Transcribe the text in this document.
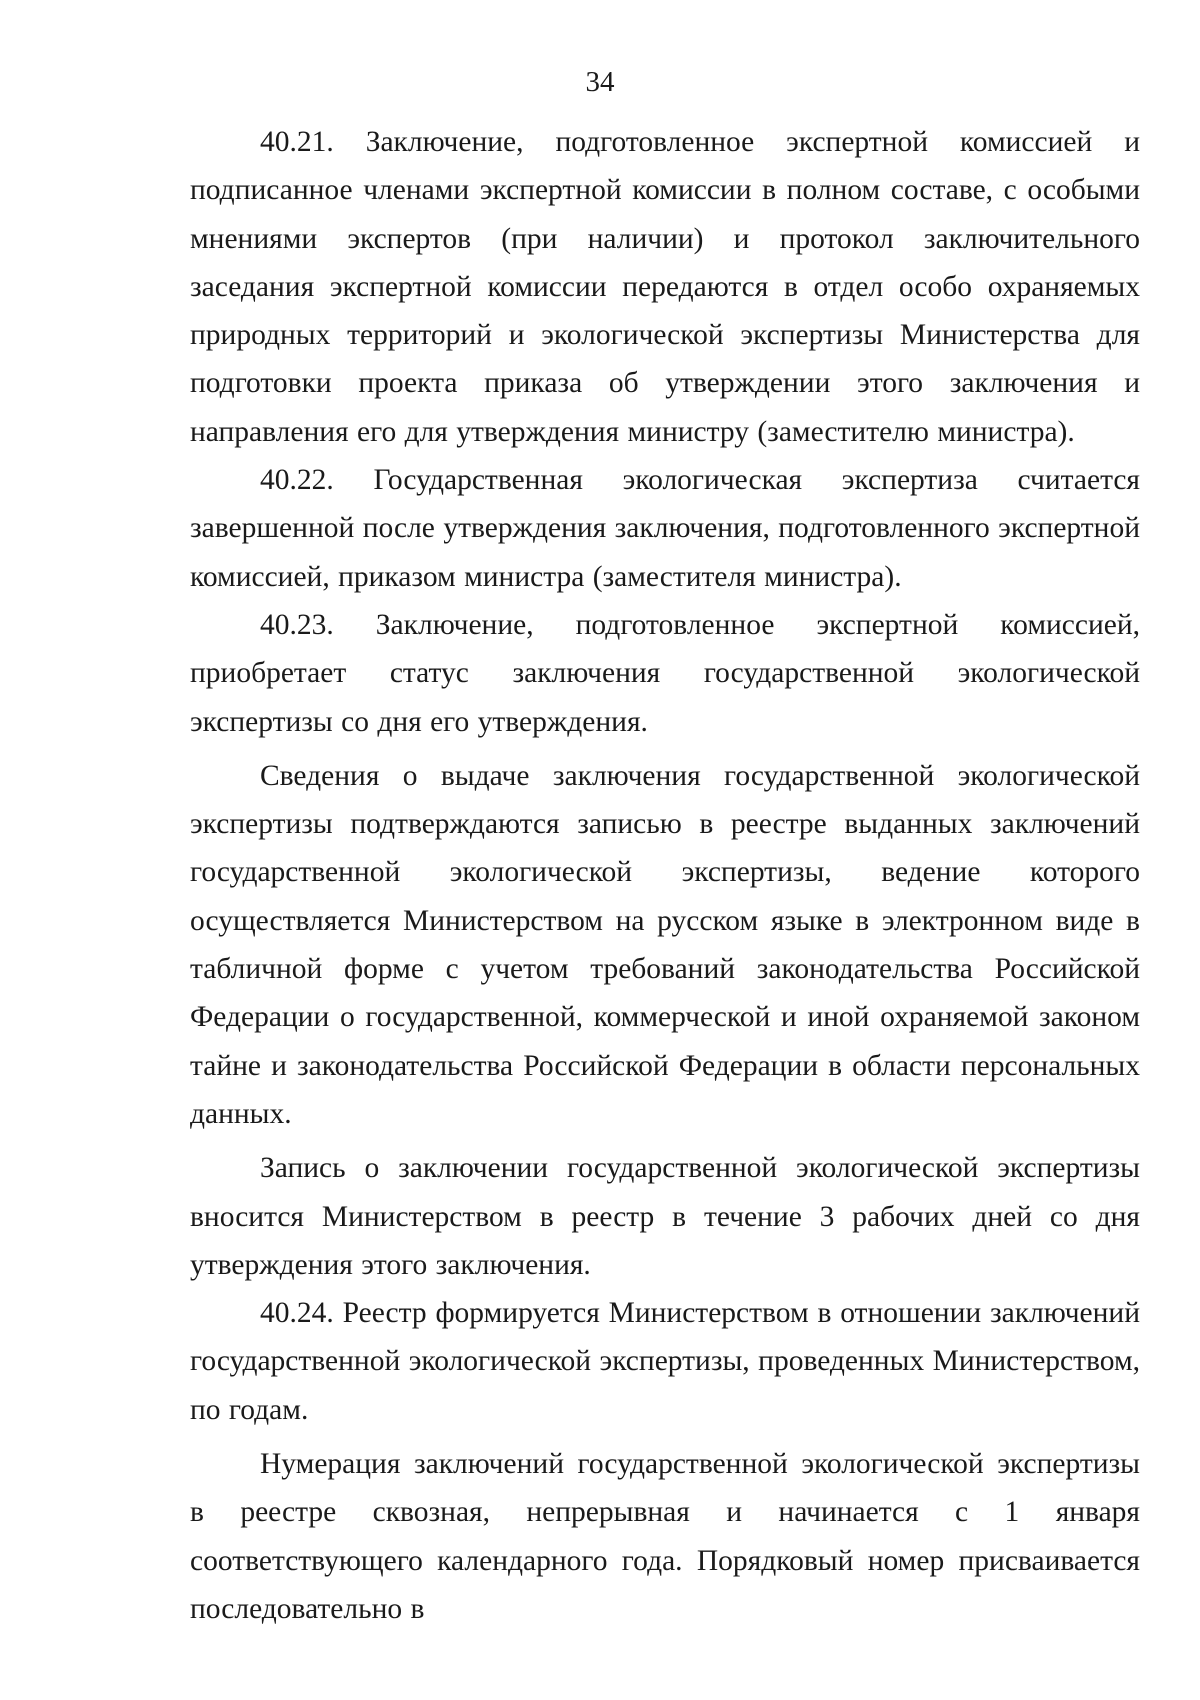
34

40.21. Заключение, подготовленное экспертной комиссией и подписанное членами экспертной комиссии в полном составе, с особыми мнениями экспертов (при наличии) и протокол заключительного заседания экспертной комиссии передаются в отдел особо охраняемых природных территорий и экологической экспертизы Министерства для подготовки проекта приказа об утверждении этого заключения и направления его для утверждения министру (заместителю министра).

40.22. Государственная экологическая экспертиза считается завершенной после утверждения заключения, подготовленного экспертной комиссией, приказом министра (заместителя министра).

40.23. Заключение, подготовленное экспертной комиссией, приобретает статус заключения государственной экологической экспертизы со дня его утверждения.

Сведения о выдаче заключения государственной экологической экспертизы подтверждаются записью в реестре выданных заключений государственной экологической экспертизы, ведение которого осуществляется Министерством на русском языке в электронном виде в табличной форме с учетом требований законодательства Российской Федерации о государственной, коммерческой и иной охраняемой законом тайне и законодательства Российской Федерации в области персональных данных.

Запись о заключении государственной экологической экспертизы вносится Министерством в реестр в течение 3 рабочих дней со дня утверждения этого заключения.

40.24. Реестр формируется Министерством в отношении заключений государственной экологической экспертизы, проведенных Министерством, по годам.

Нумерация заключений государственной экологической экспертизы в реестре сквозная, непрерывная и начинается с 1 января соответствующего календарного года. Порядковый номер присваивается последовательно в
